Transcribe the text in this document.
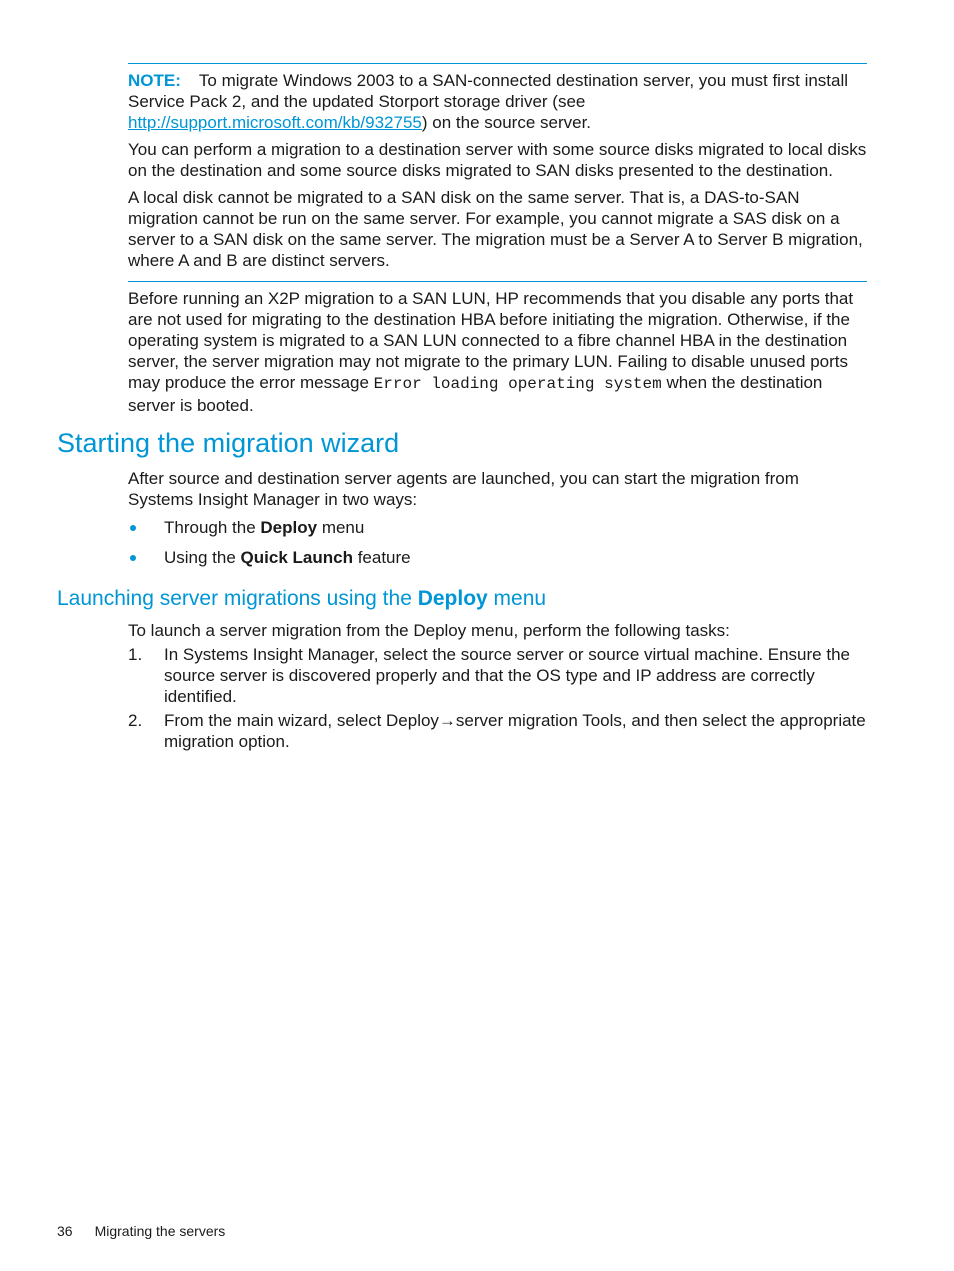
NOTE: To migrate Windows 2003 to a SAN-connected destination server, you must first install Service Pack 2, and the updated Storport storage driver (see http://support.microsoft.com/kb/932755) on the source server.

You can perform a migration to a destination server with some source disks migrated to local disks on the destination and some source disks migrated to SAN disks presented to the destination.

A local disk cannot be migrated to a SAN disk on the same server. That is, a DAS-to-SAN migration cannot be run on the same server. For example, you cannot migrate a SAS disk on a server to a SAN disk on the same server. The migration must be a Server A to Server B migration, where A and B are distinct servers.

Before running an X2P migration to a SAN LUN, HP recommends that you disable any ports that are not used for migrating to the destination HBA before initiating the migration. Otherwise, if the operating system is migrated to a SAN LUN connected to a fibre channel HBA in the destination server, the server migration may not migrate to the primary LUN. Failing to disable unused ports may produce the error message Error loading operating system when the destination server is booted.

Starting the migration wizard

After source and destination server agents are launched, you can start the migration from Systems Insight Manager in two ways:

Through the Deploy menu
Using the Quick Launch feature
Launching server migrations using the Deploy menu

To launch a server migration from the Deploy menu, perform the following tasks:

1. In Systems Insight Manager, select the source server or source virtual machine. Ensure the source server is discovered properly and that the OS type and IP address are correctly identified.
2. From the main wizard, select Deploy→server migration Tools, and then select the appropriate migration option.
36 Migrating the servers
